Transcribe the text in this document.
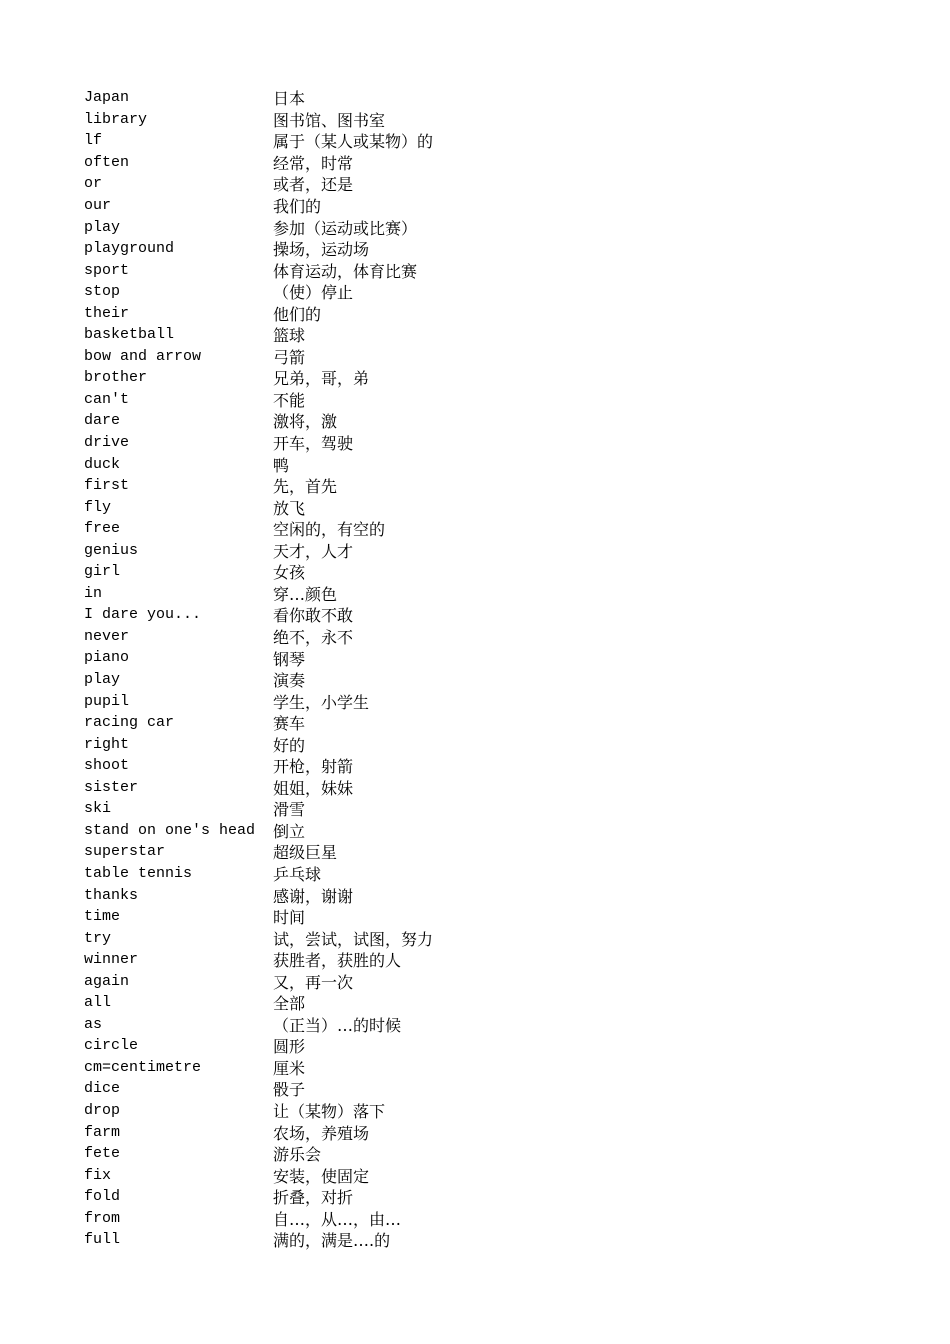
Japan	日本
library	图书馆、图书室
lf	属于（某人或某物）的
often	经常，时常
or	或者，还是
our	我们的
play	参加（运动或比赛）
playground	操场，运动场
sport	体育运动，体育比赛
stop	（使）停止
their	他们的
basketball	篮球
bow and arrow	弓箭
brother	兄弟，哥，弟
can't	不能
dare	激将，激
drive	开车，驾驶
duck	鸭
first	先，首先
fly	放飞
free	空闲的，有空的
genius	天才，人才
girl	女孩
in	穿…颜色
I dare you...	看你敢不敢
never	绝不，永不
piano	钢琴
play	演奏
pupil	学生，小学生
racing car	赛车
right	好的
shoot	开枪，射箭
sister	姐姐，妹妹
ski	滑雪
stand on one's head	倒立
superstar	超级巨星
table tennis	乒乓球
thanks	感谢，谢谢
time	时间
try	试，尝试，试图，努力
winner	获胜者，获胜的人
again	又，再一次
all	全部
as	（正当）…的时候
circle	圆形
cm=centimetre	厘米
dice	骰子
drop	让（某物）落下
farm	农场，养殖场
fete	游乐会
fix	安装，使固定
fold	折叠，对折
from	自…，从…，由…
full	满的，满是….的
